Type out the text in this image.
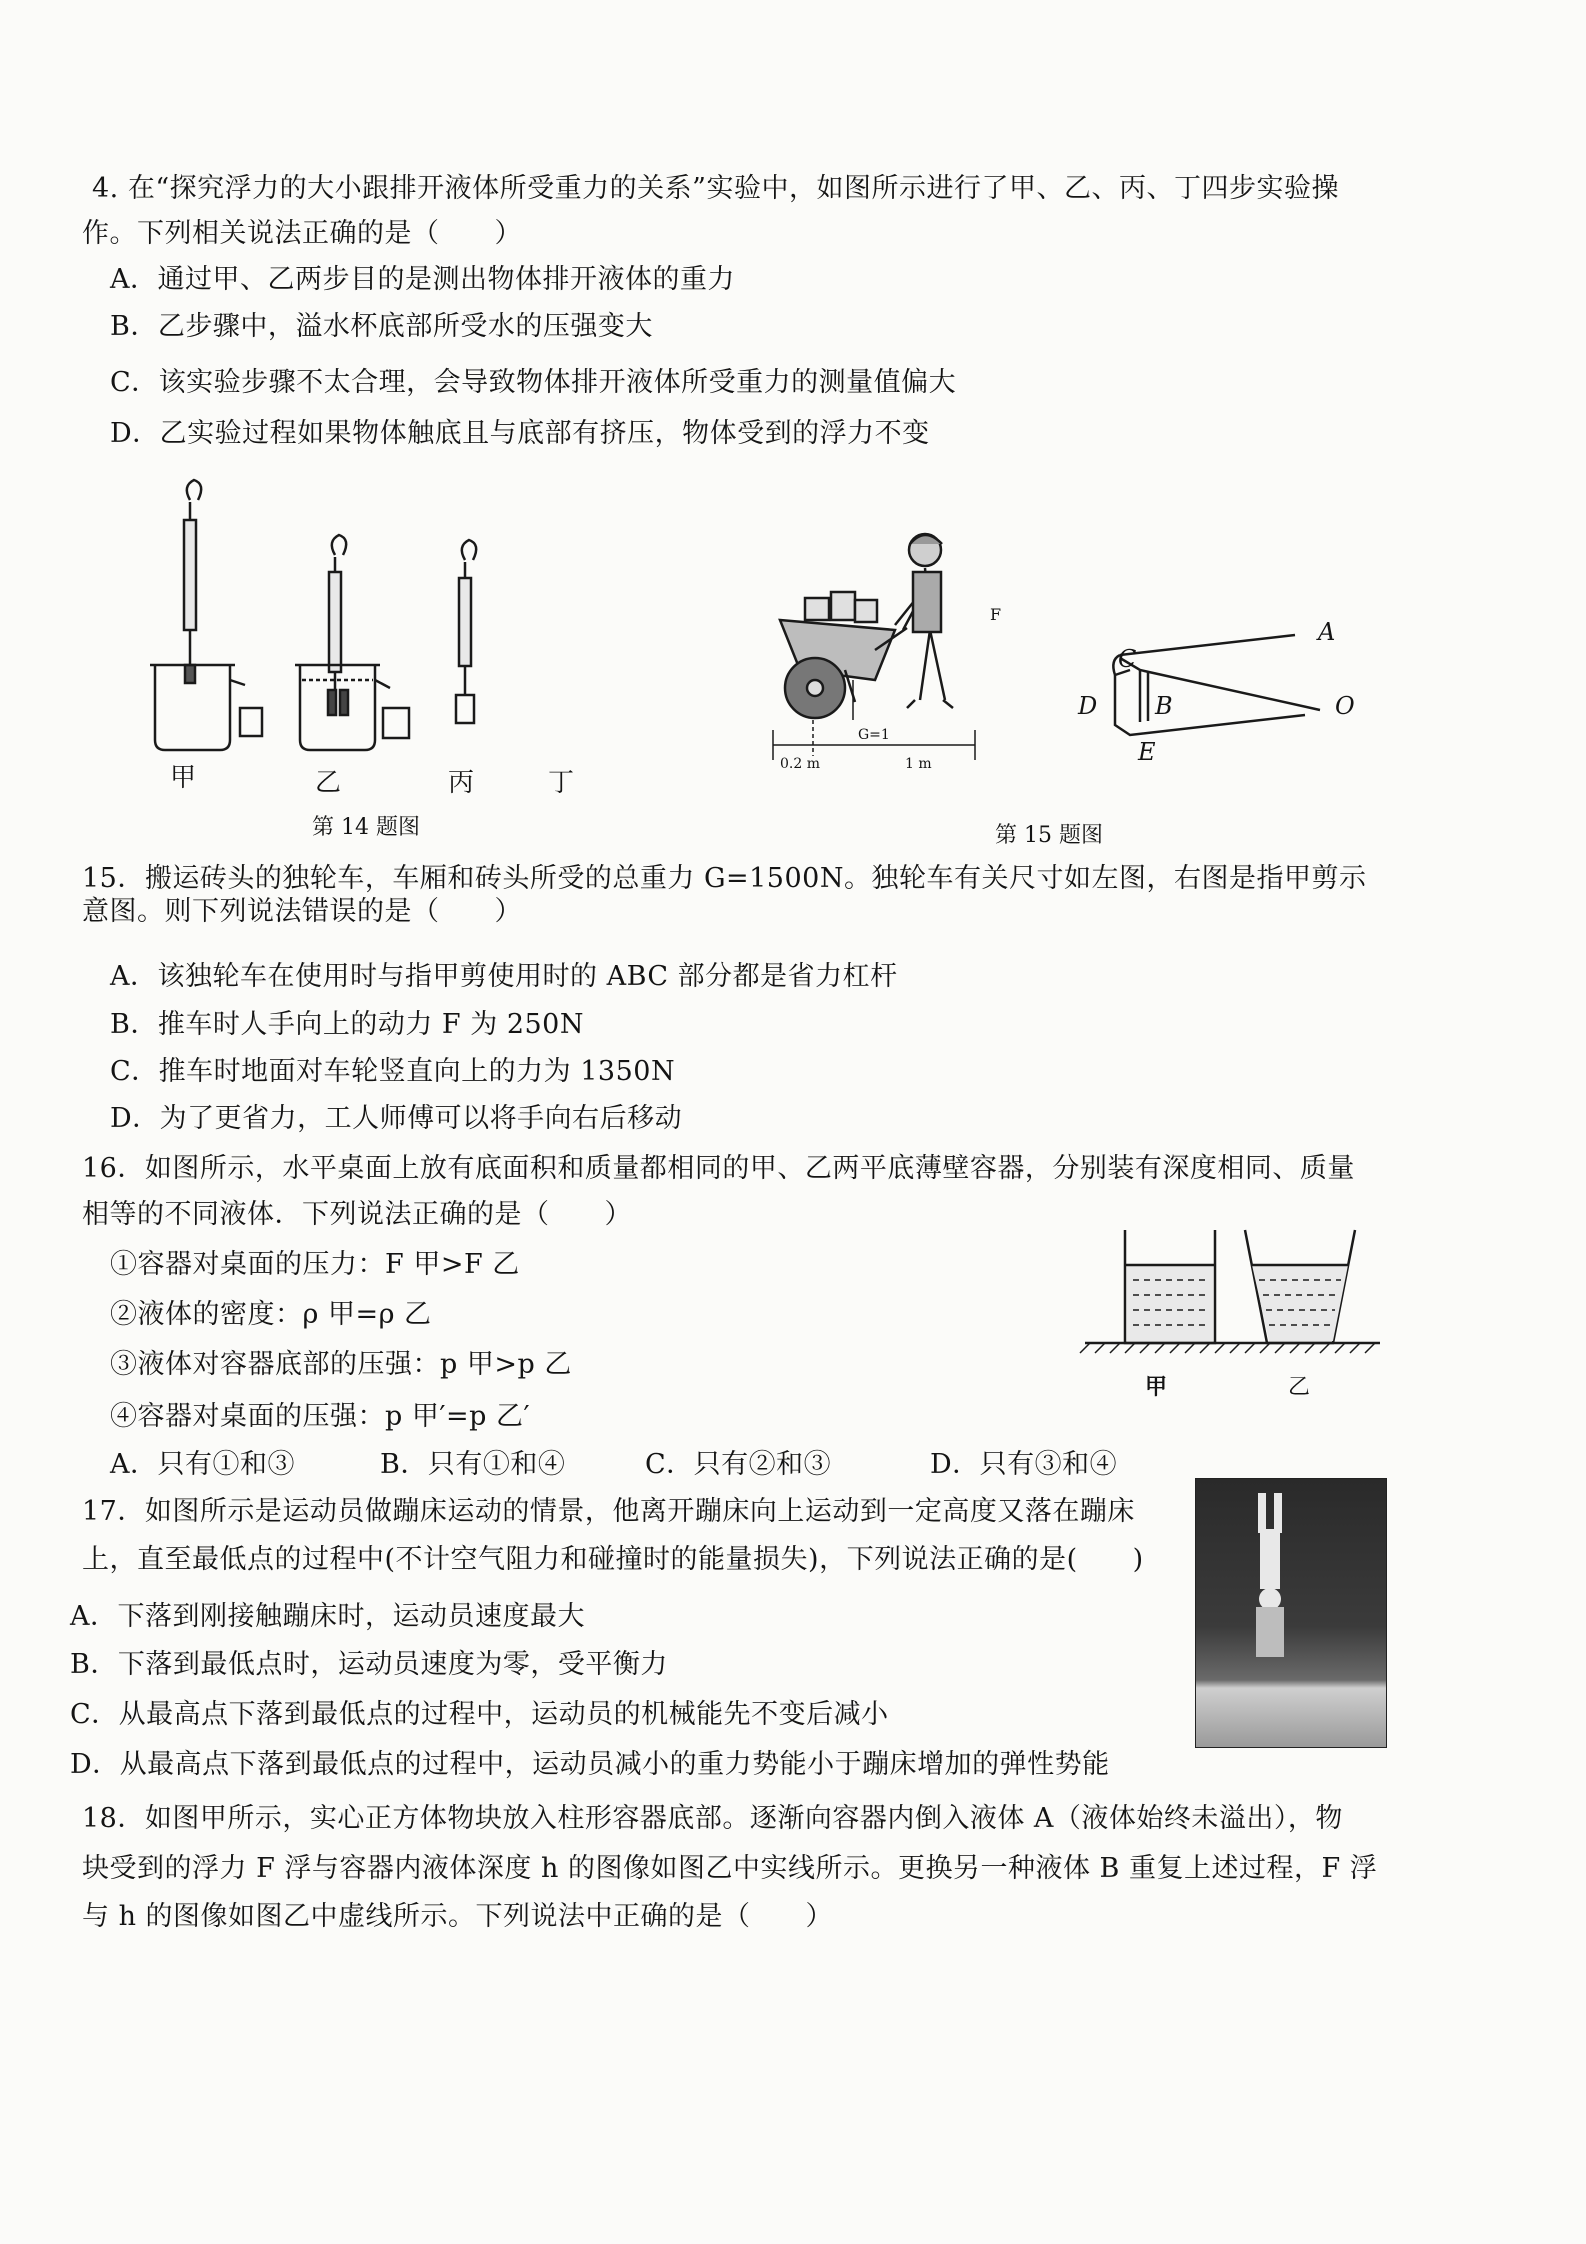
4. 在“探究浮力的大小跟排开液体所受重力的关系”实验中，如图所示进行了甲、乙、丙、丁四步实验操
作。下列相关说法正确的是（　　）
A．通过甲、乙两步目的是测出物体排开液体的重力
B．乙步骤中，溢水杯底部所受水的压强变大
C．该实验步骤不太合理，会导致物体排开液体所受重力的测量值偏大
D．乙实验过程如果物体触底且与底部有挤压，物体受到的浮力不变
甲	乙	丙	丁
第 14 题图
G=1
F
0.2 m	1 m
A
C
B
D	O
E
第 15 题图
15．搬运砖头的独轮车，车厢和砖头所受的总重力 G=1500N。独轮车有关尺寸如左图，右图是指甲剪示
意图。则下列说法错误的是（　　）
A．该独轮车在使用时与指甲剪使用时的 ABC 部分都是省力杠杆
B．推车时人手向上的动力 F 为 250N
C．推车时地面对车轮竖直向上的力为 1350N
D．为了更省力，工人师傅可以将手向右后移动
16．如图所示，水平桌面上放有底面积和质量都相同的甲、乙两平底薄壁容器，分别装有深度相同、质量
相等的不同液体．下列说法正确的是（　　）
①容器对桌面的压力：F 甲>F 乙
②液体的密度：ρ 甲=ρ 乙
③液体对容器底部的压强：p 甲>p 乙
④容器对桌面的压强：p 甲′=p 乙′
A．只有①和③	B．只有①和④	C．只有②和③	D．只有③和④
甲	乙
17．如图所示是运动员做蹦床运动的情景，他离开蹦床向上运动到一定高度又落在蹦床
上，直至最低点的过程中(不计空气阻力和碰撞时的能量损失)，下列说法正确的是(　　)
A．下落到刚接触蹦床时，运动员速度最大
B．下落到最低点时，运动员速度为零，受平衡力
C．从最高点下落到最低点的过程中，运动员的机械能先不变后减小
D．从最高点下落到最低点的过程中，运动员减小的重力势能小于蹦床增加的弹性势能
18．如图甲所示，实心正方体物块放入柱形容器底部。逐渐向容器内倒入液体 A（液体始终未溢出），物
块受到的浮力 F 浮与容器内液体深度 h 的图像如图乙中实线所示。更换另一种液体 B 重复上述过程，F 浮
与 h 的图像如图乙中虚线所示。下列说法中正确的是（　　）
